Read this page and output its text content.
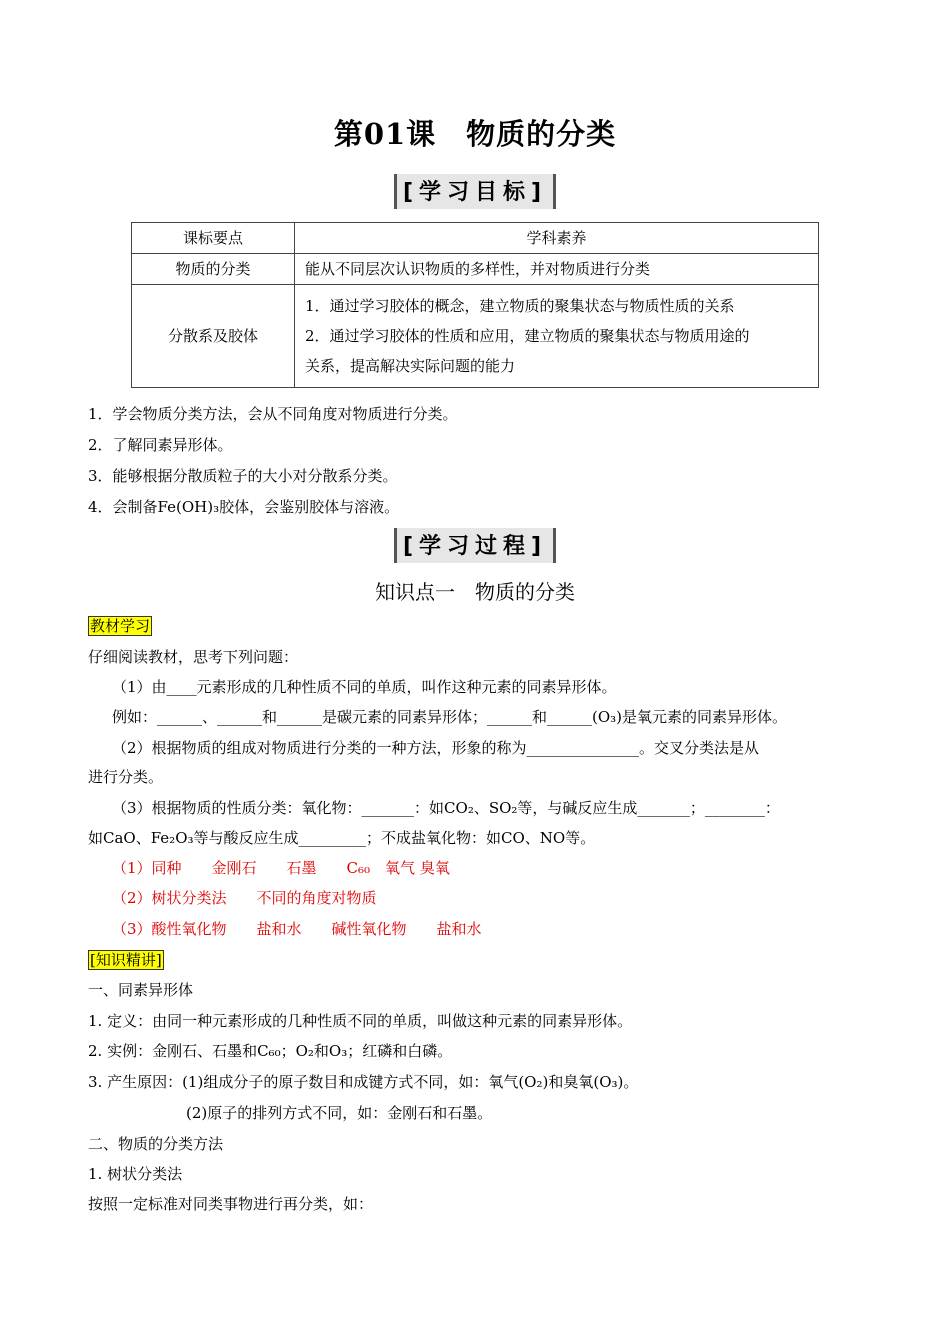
第01课　物质的分类
[学习目标]
课标要点	学科素养
物质的分类	能从不同层次认识物质的多样性，并对物质进行分类

分散系及胶体	1．通过学习胶体的概念，建立物质的聚集状态与物质性质的关系
2．通过学习胶体的性质和应用，建立物质的聚集状态与物质用途的
关系，提高解决实际问题的能力
1．学会物质分类方法，会从不同角度对物质进行分类。
2．了解同素异形体。
3．能够根据分散质粒子的大小对分散系分类。
4．会制备Fe(OH)₃胶体，会鉴别胶体与溶液。
[学习过程]
知识点一　物质的分类
教材学习
仔细阅读教材，思考下列问题：
（1）由____元素形成的几种性质不同的单质，叫作这种元素的同素异形体。
例如：______、______和______是碳元素的同素异形体；______和______(O₃)是氧元素的同素异形体。
（2）根据物质的组成对物质进行分类的一种方法，形象的称为_______________。交叉分类法是从
进行分类。
（3）根据物质的性质分类：氧化物：_______：如CO₂、SO₂等，与碱反应生成_______；________：
如CaO、Fe₂O₃等与酸反应生成_________；不成盐氧化物：如CO、NO等。
（1）同种　　金刚石　　石墨　　C₆₀　氧气 臭氧
（2）树状分类法　　不同的角度对物质
（3）酸性氧化物　　盐和水　　碱性氧化物　　盐和水
[知识精讲]
一、同素异形体
1. 定义：由同一种元素形成的几种性质不同的单质，叫做这种元素的同素异形体。
2. 实例：金刚石、石墨和C₆₀；O₂和O₃；红磷和白磷。
3. 产生原因：(1)组成分子的原子数目和成键方式不同，如：氧气(O₂)和臭氧(O₃)。
(2)原子的排列方式不同，如：金刚石和石墨。
二、物质的分类方法
1. 树状分类法
按照一定标准对同类事物进行再分类，如：
